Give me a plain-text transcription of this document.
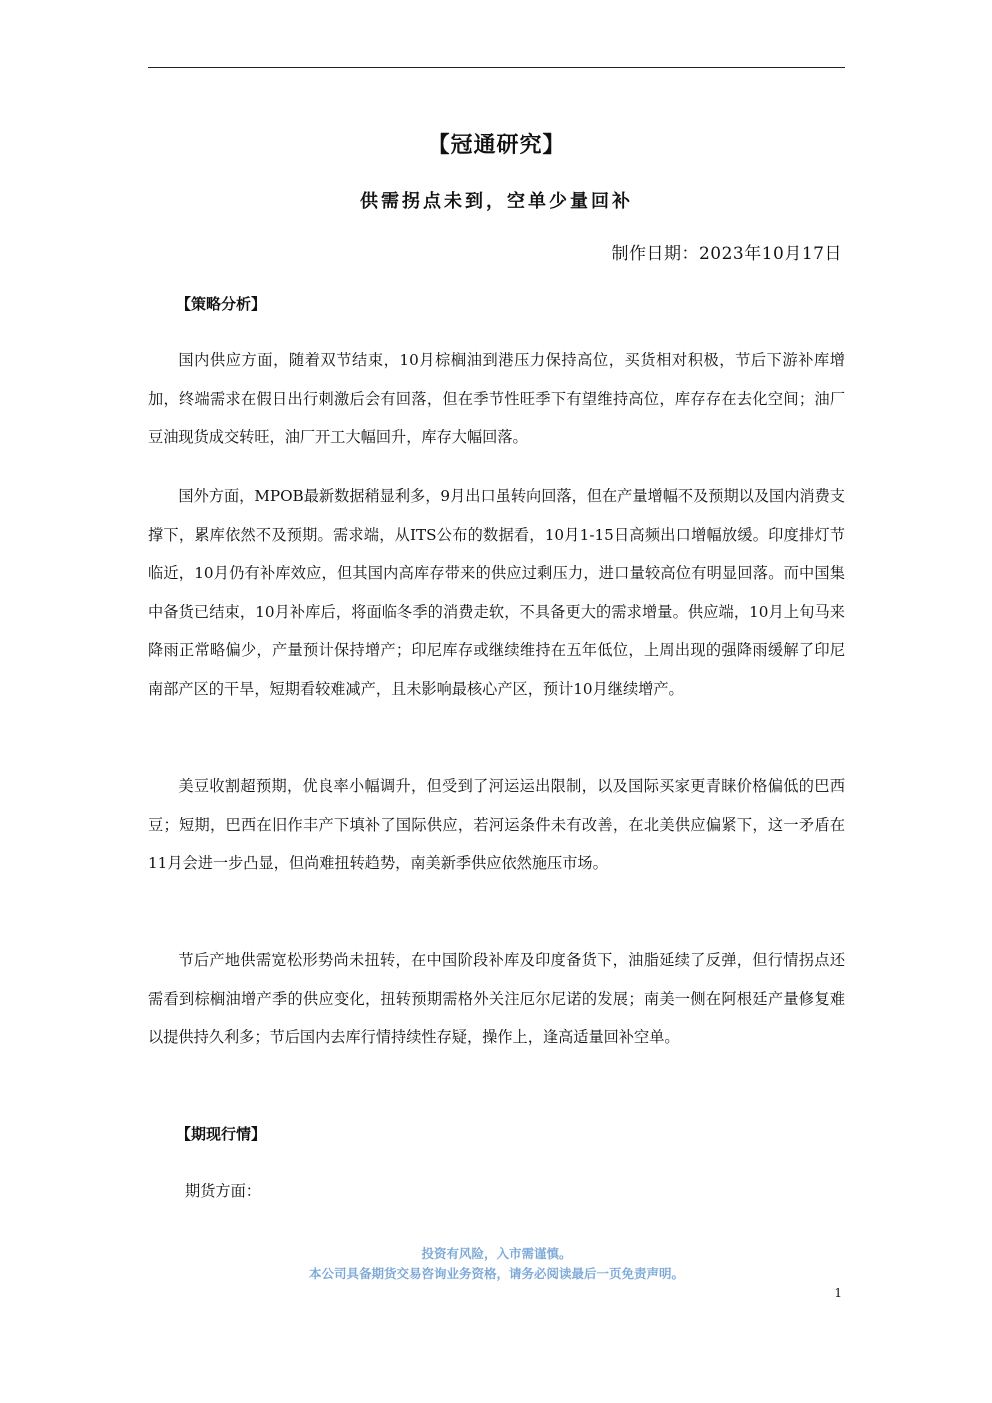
【冠通研究】
供需拐点未到，空单少量回补
制作日期：2023年10月17日
【策略分析】

国内供应方面，随着双节结束，10月棕榈油到港压力保持高位，买货相对积极，节后下游补库增加，终端需求在假日出行刺激后会有回落，但在季节性旺季下有望维持高位，库存存在去化空间；油厂豆油现货成交转旺，油厂开工大幅回升，库存大幅回落。

国外方面，MPOB最新数据稍显利多，9月出口虽转向回落，但在产量增幅不及预期以及国内消费支撑下，累库依然不及预期。需求端，从ITS公布的数据看，10月1-15日高频出口增幅放缓。印度排灯节临近，10月仍有补库效应，但其国内高库存带来的供应过剩压力，进口量较高位有明显回落。而中国集中备货已结束，10月补库后，将面临冬季的消费走软，不具备更大的需求增量。供应端，10月上旬马来降雨正常略偏少，产量预计保持增产；印尼库存或继续维持在五年低位，上周出现的强降雨缓解了印尼南部产区的干旱，短期看较难减产，且未影响最核心产区，预计10月继续增产。

美豆收割超预期，优良率小幅调升，但受到了河运运出限制，以及国际买家更青睐价格偏低的巴西豆；短期，巴西在旧作丰产下填补了国际供应，若河运条件未有改善，在北美供应偏紧下，这一矛盾在11月会进一步凸显，但尚难扭转趋势，南美新季供应依然施压市场。

节后产地供需宽松形势尚未扭转，在中国阶段补库及印度备货下，油脂延续了反弹，但行情拐点还需看到棕榈油增产季的供应变化，扭转预期需格外关注厄尔尼诺的发展；南美一侧在阿根廷产量修复难以提供持久利多；节后国内去库行情持续性存疑，操作上，逢高适量回补空单。

【期现行情】
期货方面：
投资有风险，入市需谨慎。
本公司具备期货交易咨询业务资格，请务必阅读最后一页免责声明。
1
